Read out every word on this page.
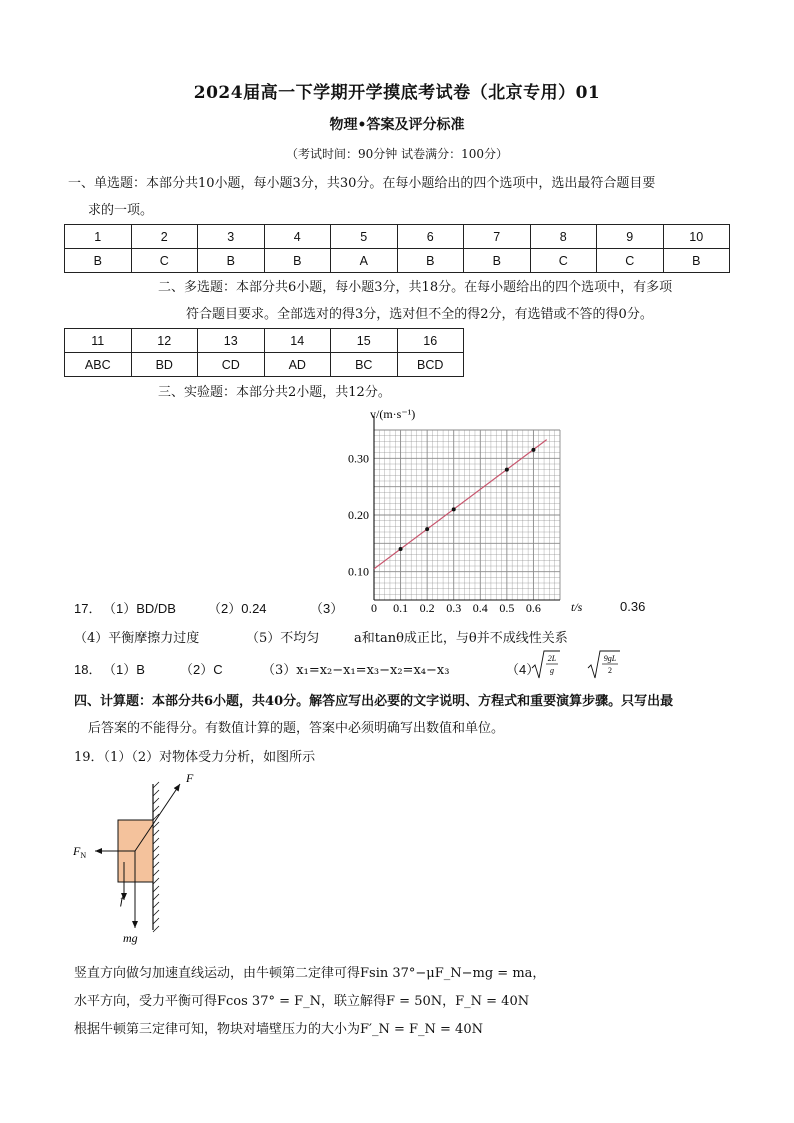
2024届高一下学期开学摸底考试卷（北京专用）01
物理•答案及评分标准
（考试时间：90分钟 试卷满分：100分）
一、单选题：本部分共10小题，每小题3分，共30分。在每小题给出的四个选项中，选出最符合题目要
求的一项。
1	2	3	4	5	6	7	8	9	10
B	C	B	B	A	B	B	C	C	B
二、多选题：本部分共6小题，每小题3分，共18分。在每小题给出的四个选项中，有多项
符合题目要求。全部选对的得3分，选对但不全的得2分，有选错或不答的得0分。
11	12	13	14	15	16
ABC	BD	CD	AD	BC	BCD
三、实验题：本部分共2小题，共12分。
0 0.1 0.2 0.3 0.4 0.5 0.6
0.10
0.20
0.30
v/(m·s⁻¹)
t/s
17． （1）BD/DB （2）0.24	（3）	0.36
（4）平衡摩擦力过度	（5）不均匀	a和tanθ成正比，与θ并不成线性关系
18． （1）B	（2）C	（3）x₁=x₂−x₁=x₃−x₂=x₄−x₃	（4）
2L
g
9gL
2
四、计算题：本部分共6小题，共40分。解答应写出必要的文字说明、方程式和重要演算步骤。只写出最
后答案的不能得分。有数值计算的题，答案中必须明确写出数值和单位。
19．（1）（2）对物体受力分析，如图所示
F
$F_N$
f
mg
竖直方向做匀加速直线运动，由牛顿第二定律可得Fsin 37°−μF_N−mg = ma，
水平方向，受力平衡可得Fcos 37° = F_N，联立解得F = 50N，F_N = 40N
根据牛顿第三定律可知，物块对墙壁压力的大小为F′_N = F_N = 40N
